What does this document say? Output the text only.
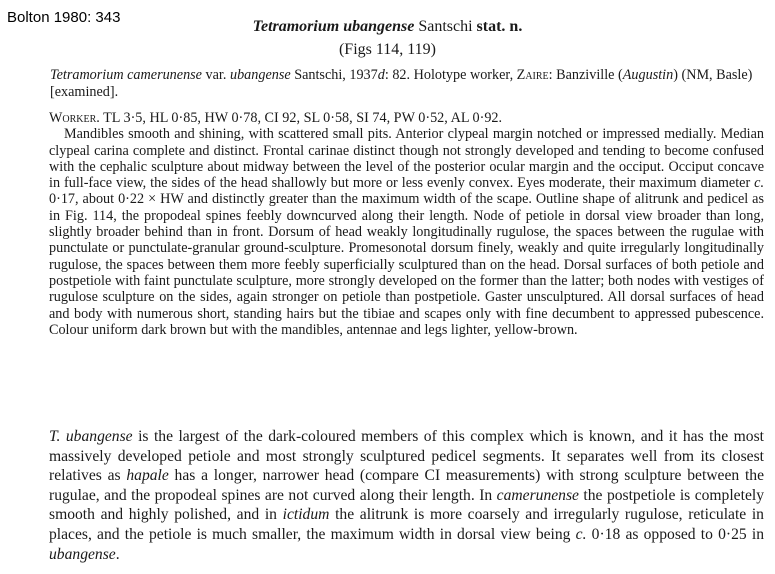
Bolton 1980: 343
Tetramorium ubangense Santschi stat. n.
(Figs 114, 119)
Tetramorium camerunense var. ubangense Santschi, 1937d: 82. Holotype worker, Zaire: Banziville (Augustin) (NM, Basle) [examined].

Worker. TL 3·5, HL 0·85, HW 0·78, CI 92, SL 0·58, SI 74, PW 0·52, AL 0·92.

Mandibles smooth and shining, with scattered small pits. Anterior clypeal margin notched or impressed medially. Median clypeal carina complete and distinct. Frontal carinae distinct though not strongly developed and tending to become confused with the cephalic sculpture about midway between the level of the posterior ocular margin and the occiput. Occiput concave in full-face view, the sides of the head shallowly but more or less evenly convex. Eyes moderate, their maximum diameter c. 0·17, about 0·22 × HW and distinctly greater than the maximum width of the scape. Outline shape of alitrunk and pedicel as in Fig. 114, the propodeal spines feebly downcurved along their length. Node of petiole in dorsal view broader than long, slightly broader behind than in front. Dorsum of head weakly longitudinally rugulose, the spaces between the rugulae with punctulate or punctulate-granular ground-sculpture. Promesonotal dorsum finely, weakly and quite irregularly longitudinally rugulose, the spaces between them more feebly superficially sculptured than on the head. Dorsal surfaces of both petiole and postpetiole with faint punctulate sculpture, more strongly developed on the former than the latter; both nodes with vestiges of rugulose sculpture on the sides, again stronger on petiole than postpetiole. Gaster unsculptured. All dorsal surfaces of head and body with numerous short, standing hairs but the tibiae and scapes only with fine decumbent to appressed pubescence. Colour uniform dark brown but with the mandibles, antennae and legs lighter, yellow-brown.

T. ubangense is the largest of the dark-coloured members of this complex which is known, and it has the most massively developed petiole and most strongly sculptured pedicel segments. It separates well from its closest relatives as hapale has a longer, narrower head (compare CI measurements) with strong sculpture between the rugulae, and the propodeal spines are not curved along their length. In camerunense the postpetiole is completely smooth and highly polished, and in ictidum the alitrunk is more coarsely and irregularly rugulose, reticulate in places, and the petiole is much smaller, the maximum width in dorsal view being c. 0·18 as opposed to 0·25 in ubangense.
